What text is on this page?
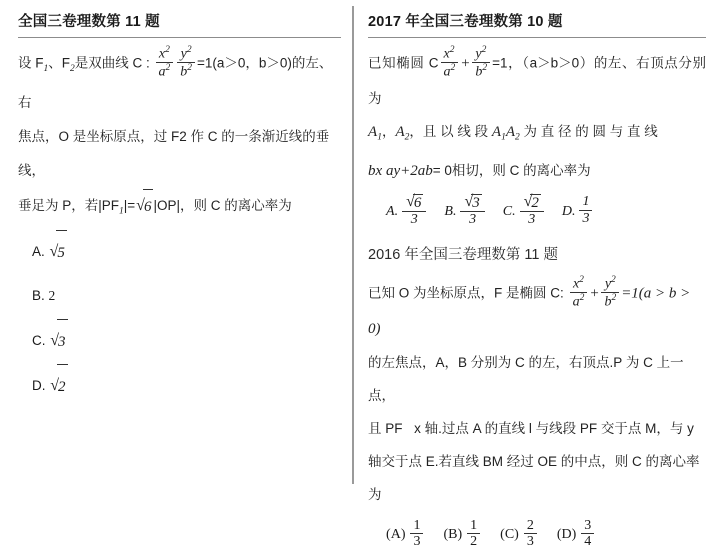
全国三卷理数第 11 题
设 $F_1$、$F_2$是双曲线 C : $\frac{x^2}{a^2} \frac{y^2}{b^2} =1(a>0$，b＞0)的左、右
焦点，O 是坐标原点，过 F2 作 C 的一条渐近线的垂线，
垂足为 P，若$|PF_1|=√6$ |OP|，则 C 的离心率为
A. √5
B. 2
C. √3
D. √2
2017 年全国三卷理数第 10 题
已知椭圆 C $\frac{x^2}{a^2} + \frac{y^2}{b^2} =1$，（a＞b＞0）的左、右顶点分别为
$A_1$，$A_2$，且 以 线 段 $A_1A_2$ 为 直 径 的 圆 与 直 线
bx ay+2ab= 0相切，则 C 的离心率为
A. $\frac{√6}{3} B$. $\frac{√3}{3} C$. $\frac{√2}{3} D$. $\frac{1}{3}$
2016 年全国三卷理数第 11 题
已知 O 为坐标原点，F 是椭圆 C: $\frac{x^2}{a^2} + \frac{y^2}{b^2} =1(a > b > 0)$
的左焦点，A，B 分别为 C 的左，右顶点.P 为 C 上一点，
且 PF x 轴.过点 A 的直线 l 与线段 PF 交于点 M，与 y
轴交于点 E.若直线 BM 经过 OE 的中点，则 C 的离心率
为
$(A) \frac{1}{3} (B) \frac{1}{2} (C) \frac{2}{3} (D) \frac{3}{4}$
